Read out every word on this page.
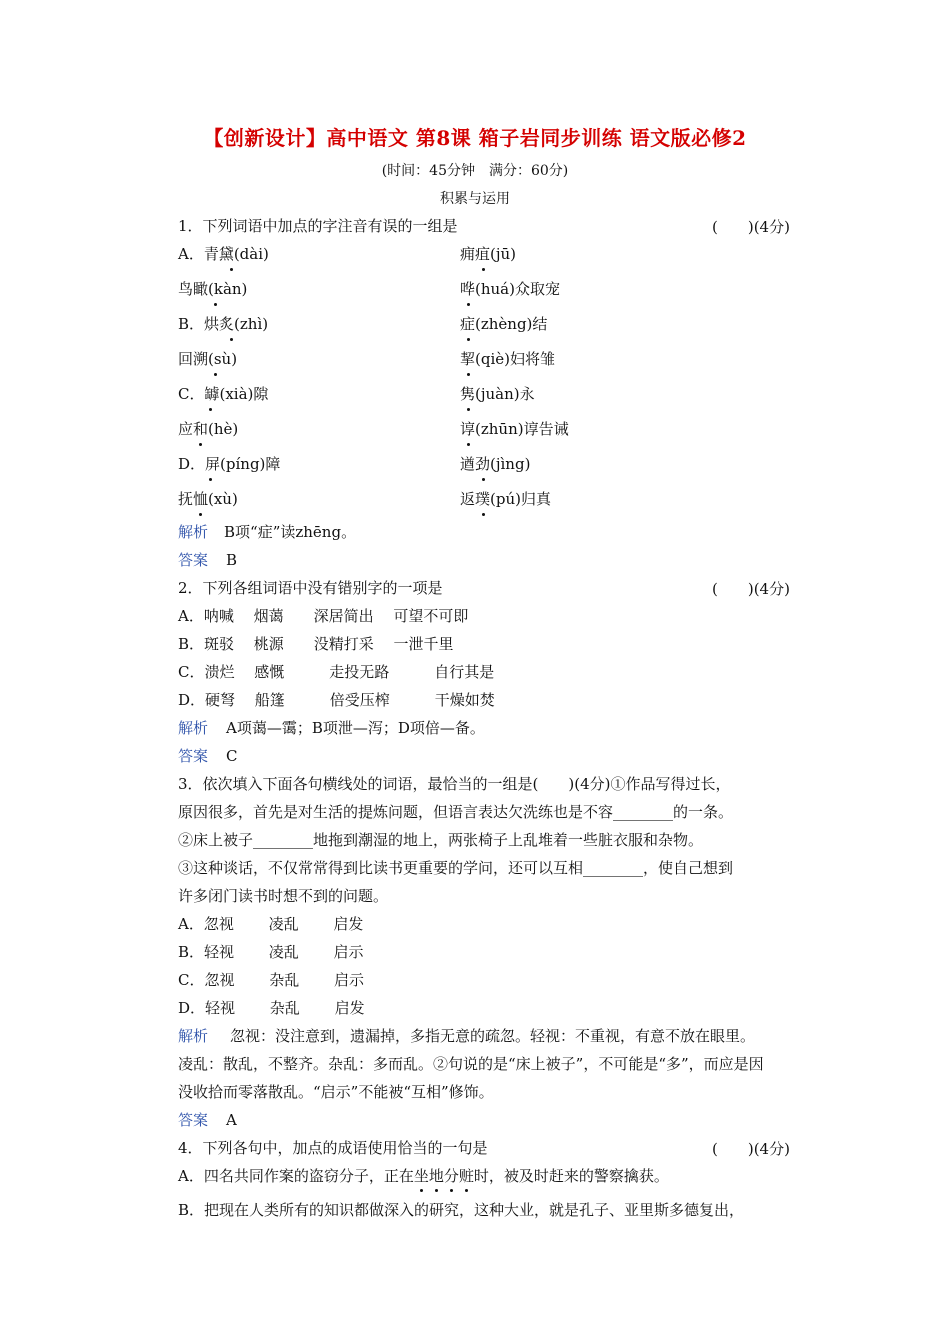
【创新设计】高中语文 第8课 箱子岩同步训练 语文版必修2
(时间：45分钟　满分：60分)
积累与运用
1．下列词语中加点的字注音有误的一组是	(　　)(4分)
A．青黛(dài)	痈疽(jū)
鸟瞰(kàn)	哗(huá)众取宠
B．烘炙(zhì)	症(zhèng)结
回溯(sù)	挈(qiè)妇将雏
C．罅(xià)隙	隽(juàn)永
应和(hè)	谆(zhūn)谆告诫
D．屏(píng)障	遒劲(jìng)
抚恤(xù)	返璞(pú)归真
解析 B项“症”读zhēng。
答案 B
2．下列各组词语中没有错别字的一项是	(　　)(4分)
A．呐喊　 烟蔼　　深居简出　 可望不可即
B．斑驳　 桃源　　没精打采　 一泄千里
C．溃烂　 感慨　　　走投无路　　　自行其是
D．硬弩　 船篷　　　倍受压榨　　　干燥如焚
解析 A项蔼—霭；B项泄—泻；D项倍—备。
答案 C
3．依次填入下面各句横线处的词语，最恰当的一组是(　　)(4分)①作品写得过长，
原因很多，首先是对生活的提炼问题，但语言表达欠洗练也是不容________的一条。
②床上被子________地拖到潮湿的地上，两张椅子上乱堆着一些脏衣服和杂物。
③这种谈话，不仅常常得到比读书更重要的学问，还可以互相________，使自己想到
许多闭门读书时想不到的问题。
A．忽视　　 凌乱　　 启发
B．轻视　　 凌乱　　 启示
C．忽视　　 杂乱　　 启示
D．轻视　　 杂乱　　 启发
解析 忽视：没注意到，遗漏掉，多指无意的疏忽。轻视：不重视，有意不放在眼里。
凌乱：散乱，不整齐。杂乱：多而乱。②句说的是“床上被子”，不可能是“多”，而应是因
没收拾而零落散乱。“启示”不能被“互相”修饰。
答案 A
4．下列各句中，加点的成语使用恰当的一句是	(　　)(4分)
A．四名共同作案的盗窃分子，正在坐地分赃时，被及时赶来的警察擒获。
B．把现在人类所有的知识都做深入的研究，这种大业，就是孔子、亚里斯多德复出，
